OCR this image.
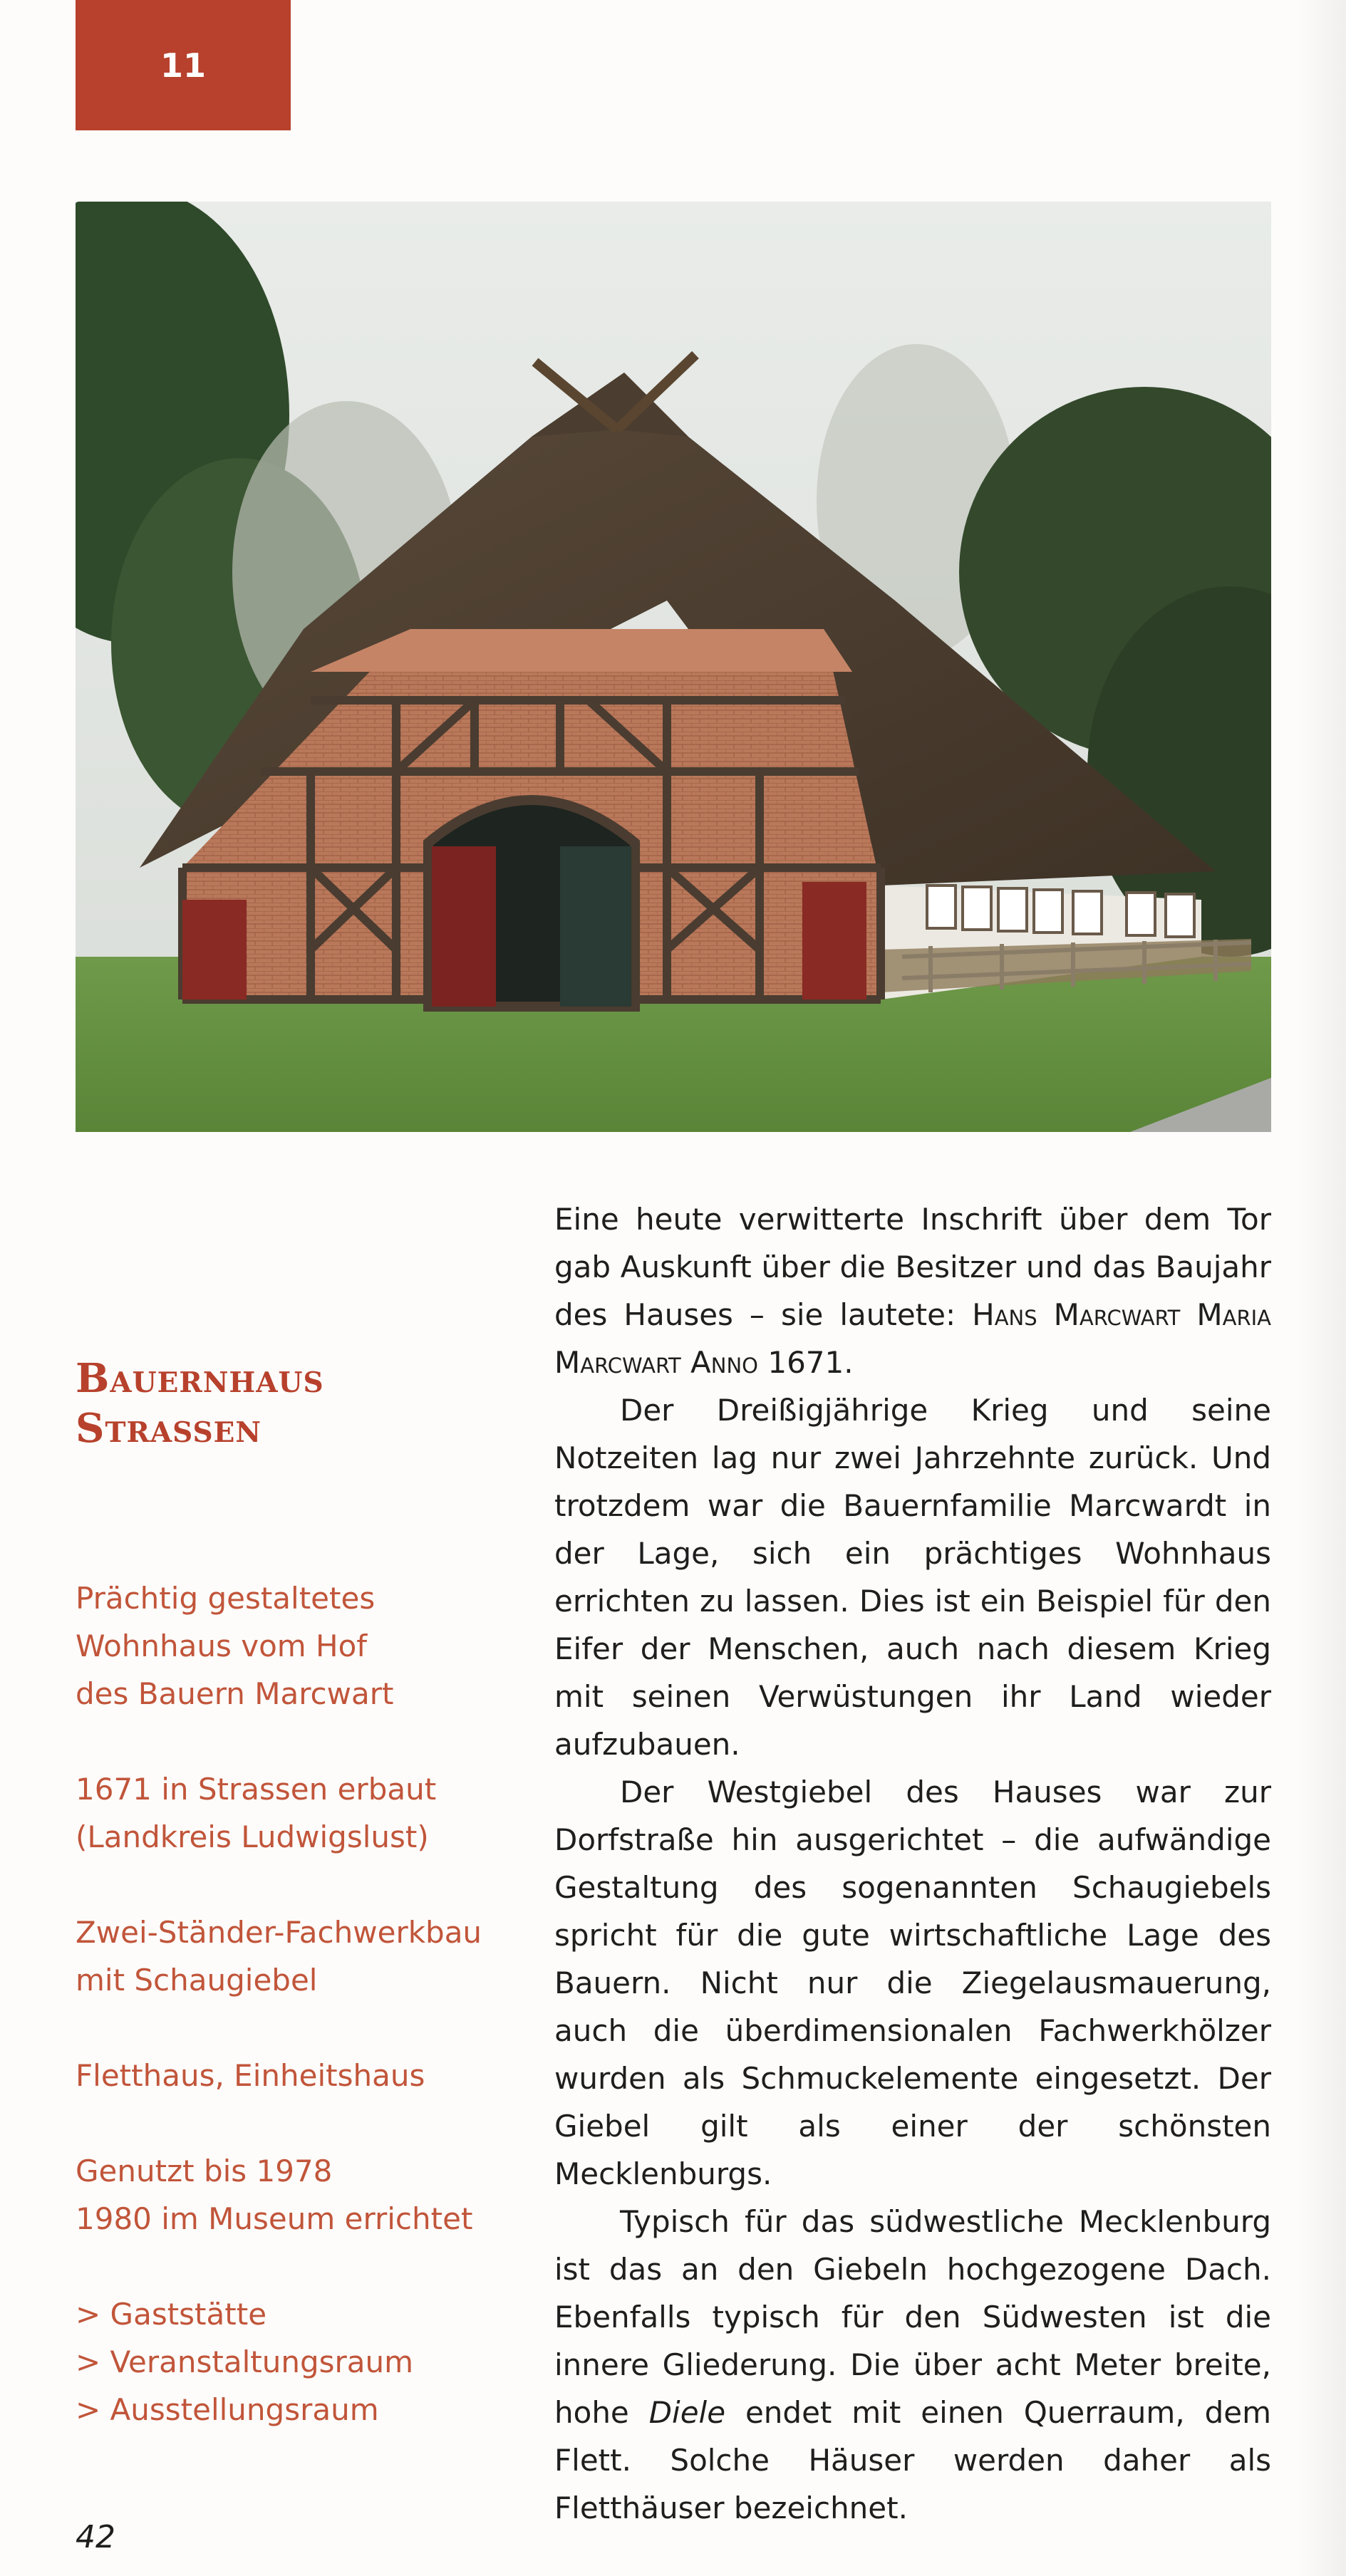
11
Bauernhaus
Strassen
Prächtig gestaltetes
Wohnhaus vom Hof
des Bauern Marcwart
1671 in Strassen erbaut
(Landkreis Ludwigslust)
Zwei-Ständer-Fachwerkbau
mit Schaugiebel
Fletthaus, Einheitshaus
Genutzt bis 1978
1980 im Museum errichtet
> Gaststätte
> Veranstaltungsraum
> Ausstellungsraum

Eine heute verwitterte Inschrift über dem Tor gab Auskunft über die Besitzer und das Baujahr des Hauses – sie lautete: Hans Marcwart Maria Marcwart Anno 1671.

Der Dreißigjährige Krieg und seine Notzeiten lag nur zwei Jahrzehnte zurück. Und trotzdem war die Bauernfamilie Marcwardt in der Lage, sich ein prächtiges Wohnhaus errichten zu lassen. Dies ist ein Beispiel für den Eifer der Menschen, auch nach diesem Krieg mit seinen Verwüstungen ihr Land wieder aufzubauen.

Der Westgiebel des Hauses war zur Dorfstraße hin ausgerichtet – die aufwändige Gestaltung des sogenannten Schaugiebels spricht für die gute wirtschaftliche Lage des Bauern. Nicht nur die Ziegelausmauerung, auch die überdimensionalen Fachwerkhölzer wurden als Schmuckelemente eingesetzt. Der Giebel gilt als einer der schönsten Mecklenburgs.

Typisch für das südwestliche Mecklenburg ist das an den Giebeln hochgezogene Dach. Ebenfalls typisch für den Südwesten ist die innere Gliederung. Die über acht Meter breite, hohe Diele endet mit einen Querraum, dem Flett. Solche Häuser werden daher als Fletthäuser bezeichnet.

42
